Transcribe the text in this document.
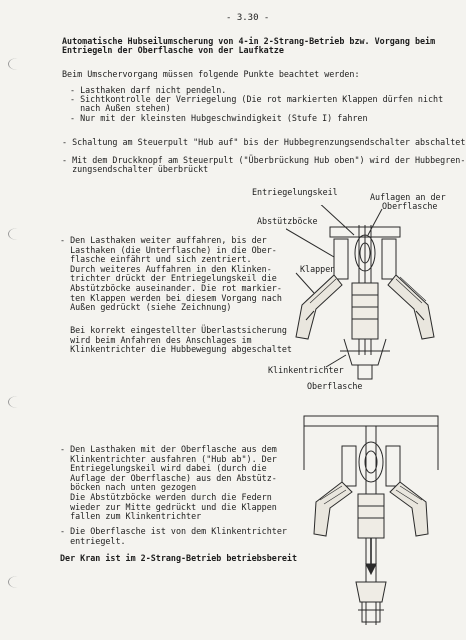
- 3.30 -
Automatische Hubseilumscherung von 4-in 2-Strang-Betrieb bzw. Vorgang beim
Entriegeln der Oberflasche von der Laufkatze
Beim Umschervorgang müssen folgende Punkte beachtet werden:
- Lasthaken darf nicht pendeln.
- Sichtkontrolle der Verriegelung (Die rot markierten Klappen dürfen nicht
nach Außen stehen)
- Nur mit der kleinsten Hubgeschwindigkeit (Stufe I) fahren
- Schaltung am Steuerpult "Hub auf" bis der Hubbegrenzungsendschalter abschaltet
- Mit dem Druckknopf am Steuerpult ("Überbrückung Hub oben") wird der Hubbegren-
zungsendschalter überbrückt
Entriegelungskeil	Auflagen an der
Oberflasche
Abstützböcke
Klappen
Klinkentrichter
Oberflasche
- Den Lasthaken weiter auffahren, bis der
Lasthaken (die Unterflasche) in die Ober-
flasche einfährt und sich zentriert.
Durch weiteres Auffahren in den Klinken-
trichter drückt der Entriegelungskeil die
Abstützböcke auseinander. Die rot markier-
ten Klappen werden bei diesem Vorgang nach
Außen gedrückt (siehe Zeichnung)
Bei korrekt eingestellter Überlastsicherung
wird beim Anfahren des Anschlages im
Klinkentrichter die Hubbewegung abgeschaltet
- Den Lasthaken mit der Oberflasche aus dem
Klinkentrichter ausfahren ("Hub ab"). Der
Entriegelungskeil wird dabei (durch die
Auflage der Oberflasche) aus den Abstütz-
böcken nach unten gezogen
Die Abstützböcke werden durch die Federn
wieder zur Mitte gedrückt und die Klappen
fallen zum Klinkentrichter
- Die Oberflasche ist von dem Klinkentrichter
entriegelt.
Der Kran ist im 2-Strang-Betrieb betriebsbereit
